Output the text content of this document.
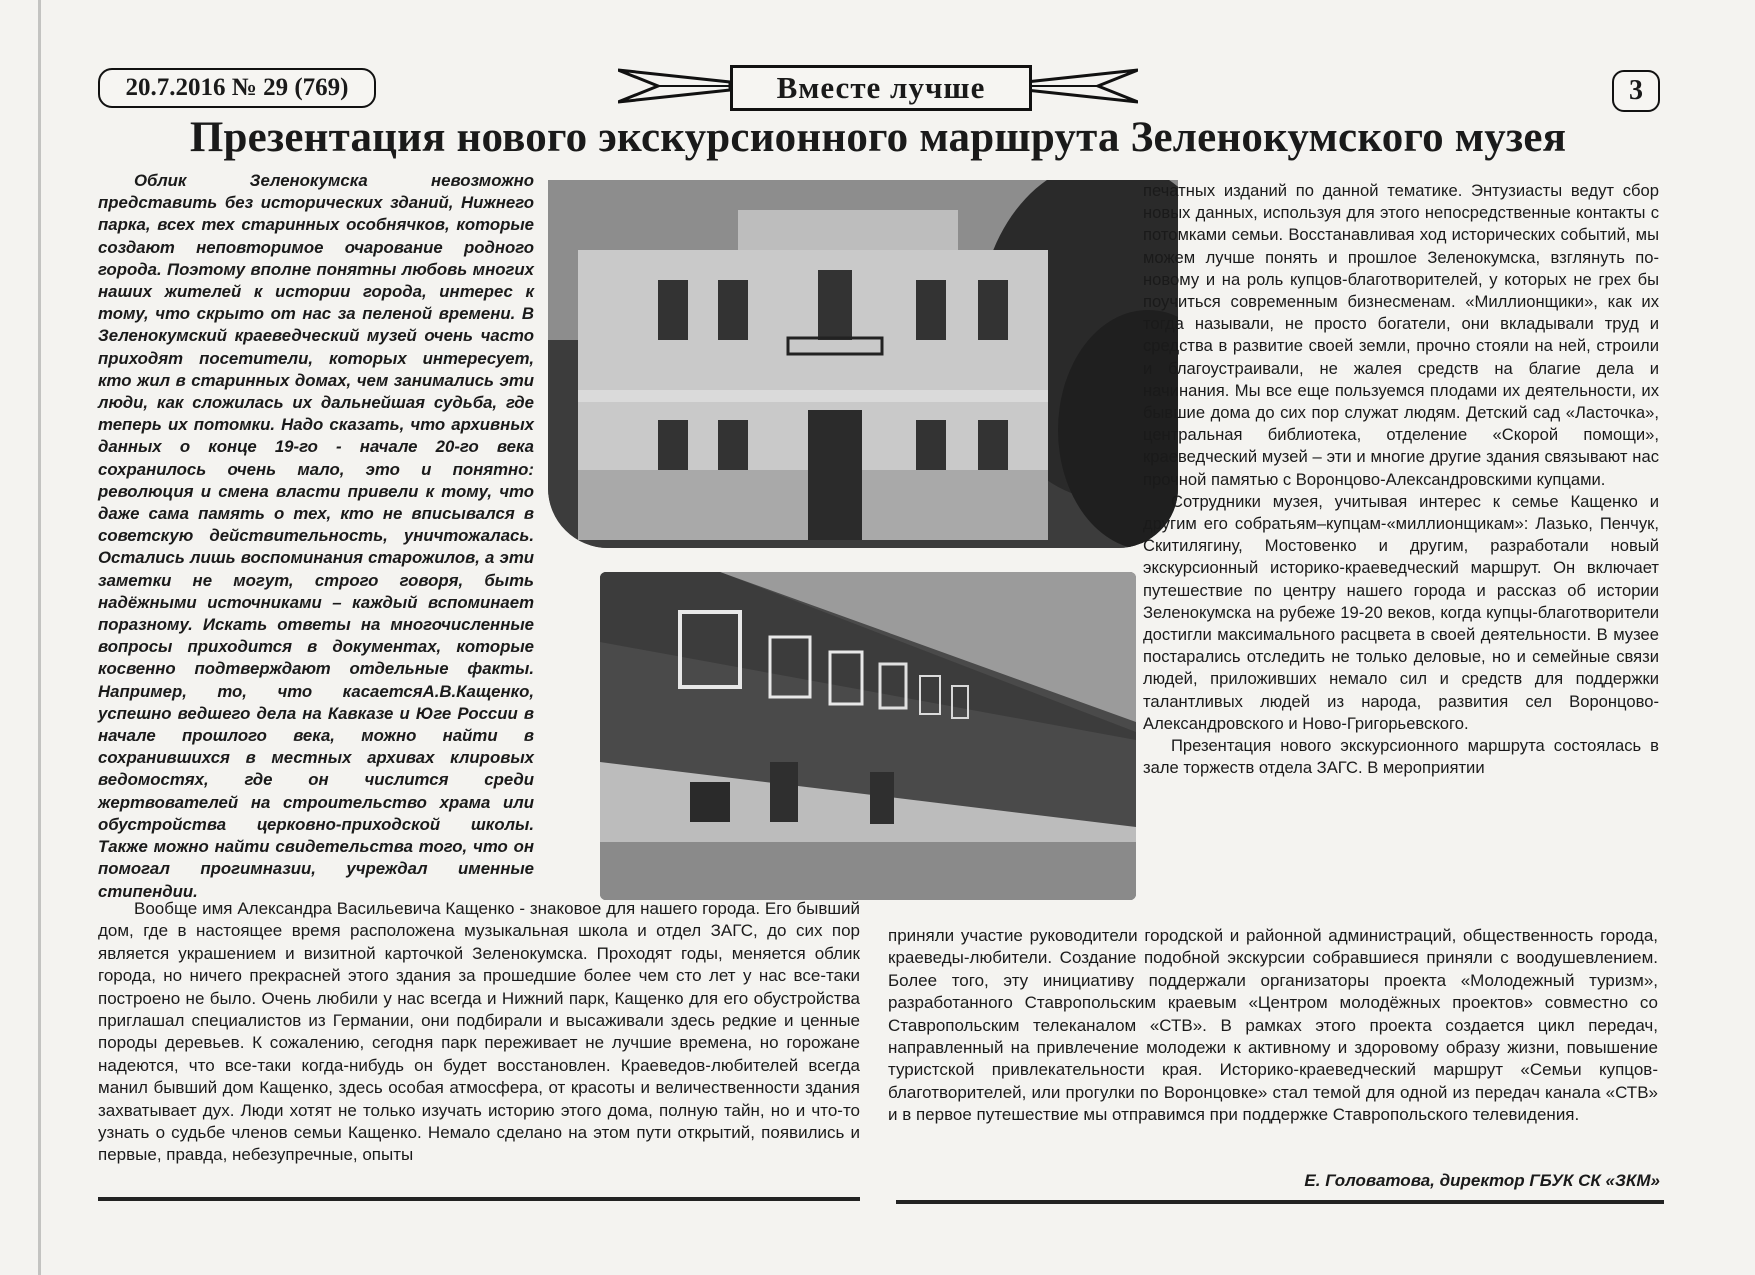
20.7.2016 № 29 (769)	Вместе лучше	3
Презентация нового экскурсионного маршрута Зеленокумского музея

Облик Зеленокумска невозможно представить без исторических зданий, Нижнего парка, всех тех старинных особнячков, которые создают неповторимое очарование родного города. Поэтому вполне понятны любовь многих наших жителей к истории города, интерес к тому, что скрыто от нас за пеленой времени. В Зеленокумский краеведческий музей очень часто приходят посетители, которых интересует, кто жил в старинных домах, чем занимались эти люди, как сложилась их дальнейшая судьба, где теперь их потомки. Надо сказать, что архивных данных о конце 19-го - начале 20-го века сохранилось очень мало, это и понятно: революция и смена власти привели к тому, что даже сама память о тех, кто не вписывался в советскую действительность, уничтожалась. Остались лишь воспоминания старожилов, а эти заметки не могут, строго говоря, быть надёжными источниками – каждый вспоминает поразному. Искать ответы на многочисленные вопросы приходится в документах, которые косвенно подтверждают отдельные факты. Например, то, что касаетсяА.В.Кащенко, успешно ведшего дела на Кавказе и Юге России в начале прошлого века, можно найти в сохранившихся в местных архивах клировых ведомостях, где он числится среди жертвователей на строительство храма или обустройства церковно-приходской школы. Также можно найти свидетельства того, что он помогал прогимназии, учреждал именные стипендии.

печатных изданий по данной тематике. Энтузиасты ведут сбор новых данных, используя для этого непосредственные контакты с потомками семьи. Восстанавливая ход исторических событий, мы можем лучше понять и прошлое Зеленокумска, взглянуть по-новому и на роль купцов-благотворителей, у которых не грех бы поучиться современным бизнесменам. «Миллионщики», как их тогда называли, не просто богатели, они вкладывали труд и средства в развитие своей земли, прочно стояли на ней, строили и благоустраивали, не жалея средств на благие дела и начинания. Мы все еще пользуемся плодами их деятельности, их бывшие дома до сих пор служат людям. Детский сад «Ласточка», центральная библиотека, отделение «Скорой помощи», краеведческий музей – эти и многие другие здания связывают нас прочной памятью с Воронцово-Александровскими купцами.

Сотрудники музея, учитывая интерес к семье Кащенко и другим его собратьям–купцам-«миллионщикам»: Лазько, Пенчук, Скитилягину, Мостовенко и другим, разработали новый экскурсионный историко-краеведческий маршрут. Он включает путешествие по центру нашего города и рассказ об истории Зеленокумска на рубеже 19-20 веков, когда купцы-благотворители достигли максимального расцвета в своей деятельности. В музее постарались отследить не только деловые, но и семейные связи людей, приложивших немало сил и средств для поддержки талантливых людей из народа, развития сел Воронцово-Александровского и Ново-Григорьевского.

Презентация нового экскурсионного маршрута состоялась в зале торжеств отдела ЗАГС. В мероприятии

Вообще имя Александра Васильевича Кащенко - знаковое для нашего города. Его бывший дом, где в настоящее время расположена музыкальная школа и отдел ЗАГС, до сих пор является украшением и визитной карточкой Зеленокумска. Проходят годы, меняется облик города, но ничего прекрасней этого здания за прошедшие более чем сто лет у нас все-таки построено не было. Очень любили у нас всегда и Нижний парк, Кащенко для его обустройства приглашал специалистов из Германии, они подбирали и высаживали здесь редкие и ценные породы деревьев. К сожалению, сегодня парк переживает не лучшие времена, но горожане надеются, что все-таки когда-нибудь он будет восстановлен. Краеведов-любителей всегда манил бывший дом Кащенко, здесь особая атмосфера, от красоты и величественности здания захватывает дух. Люди хотят не только изучать историю этого дома, полную тайн, но и что-то узнать о судьбе членов семьи Кащенко. Немало сделано на этом пути открытий, появились и первые, правда, небезупречные, опыты

приняли участие руководители городской и районной администраций, общественность города, краеведы-любители. Создание подобной экскурсии собравшиеся приняли с воодушевлением. Более того, эту инициативу поддержали организаторы проекта «Молодежный туризм», разработанного Ставропольским краевым «Центром молодёжных проектов» совместно со Ставропольским телеканалом «СТВ». В рамках этого проекта создается цикл передач, направленный на привлечение молодежи к активному и здоровому образу жизни, повышение туристской привлекательности края. Историко-краеведческий маршрут «Семьи купцов-благотворителей, или прогулки по Воронцовке» стал темой для одной из передач канала «СТВ» и в первое путешествие мы отправимся при поддержке Ставропольского телевидения.

Е. Головатова, директор ГБУК СК «ЗКМ»
